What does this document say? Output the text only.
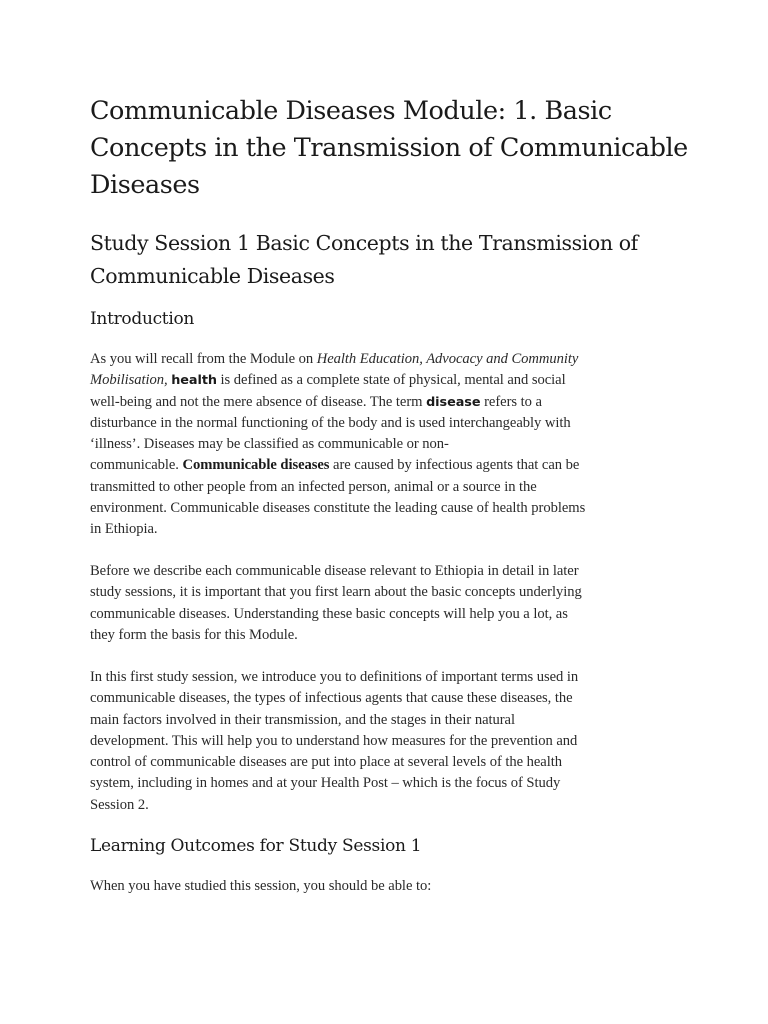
Communicable Diseases Module: 1. Basic
Concepts in the Transmission of Communicable
Diseases
Study Session 1 Basic Concepts in the Transmission of
Communicable Diseases
Introduction

As you will recall from the Module on Health Education, Advocacy and Community
Mobilisation, health is defined as a complete state of physical, mental and social
well-being and not the mere absence of disease. The term disease refers to a
disturbance in the normal functioning of the body and is used interchangeably with
‘illness’. Diseases may be classified as communicable or non-
communicable. Communicable diseases are caused by infectious agents that can be
transmitted to other people from an infected person, animal or a source in the
environment. Communicable diseases constitute the leading cause of health problems
in Ethiopia.

Before we describe each communicable disease relevant to Ethiopia in detail in later
study sessions, it is important that you first learn about the basic concepts underlying
communicable diseases. Understanding these basic concepts will help you a lot, as
they form the basis for this Module.

In this first study session, we introduce you to definitions of important terms used in
communicable diseases, the types of infectious agents that cause these diseases, the
main factors involved in their transmission, and the stages in their natural
development. This will help you to understand how measures for the prevention and
control of communicable diseases are put into place at several levels of the health
system, including in homes and at your Health Post – which is the focus of Study
Session 2.

Learning Outcomes for Study Session 1

When you have studied this session, you should be able to:
